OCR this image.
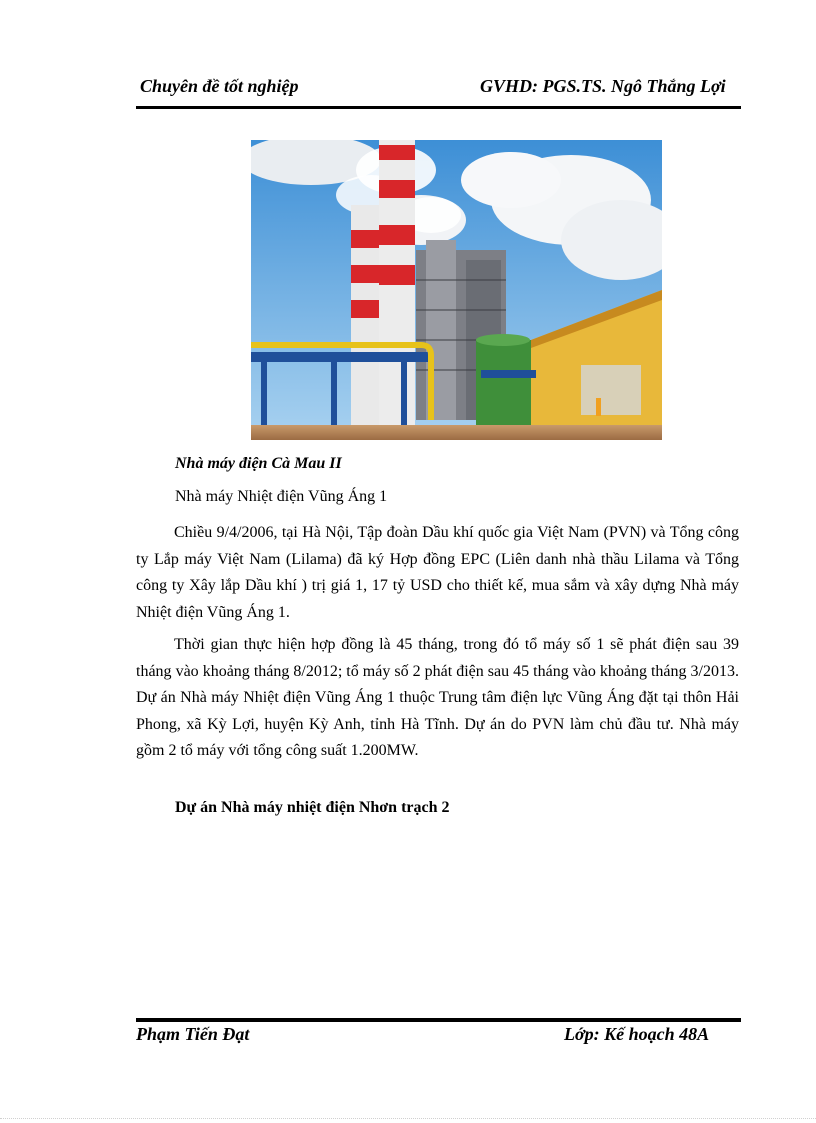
Chuyên đề tốt nghiệp	GVHD: PGS.TS. Ngô Thắng Lợi
Nhà máy điện Cà Mau II
Nhà máy Nhiệt điện Vũng Áng 1
Chiều 9/4/2006, tại Hà Nội, Tập đoàn Dầu khí quốc gia Việt Nam (PVN) và Tổng công ty Lắp máy Việt Nam (Lilama) đã ký Hợp đồng EPC (Liên danh nhà thầu Lilama và Tổng công ty Xây lắp Dầu khí ) trị giá 1, 17 tỷ USD cho thiết kế, mua sắm và xây dựng Nhà máy Nhiệt điện Vũng Áng 1.
Thời gian thực hiện hợp đồng là 45 tháng, trong đó tổ máy số 1 sẽ phát điện sau 39 tháng vào khoảng tháng 8/2012; tổ máy số 2 phát điện sau 45 tháng vào khoảng tháng 3/2013. Dự án Nhà máy Nhiệt điện Vũng Áng 1 thuộc Trung tâm điện lực Vũng Áng đặt tại thôn Hải Phong, xã Kỳ Lợi, huyện Kỳ Anh, tỉnh Hà Tĩnh. Dự án do PVN làm chủ đầu tư. Nhà máy gồm 2 tổ máy với tổng công suất 1.200MW.
Dự án Nhà máy nhiệt điện Nhơn trạch 2
Phạm Tiến Đạt	Lớp: Kế hoạch 48A
